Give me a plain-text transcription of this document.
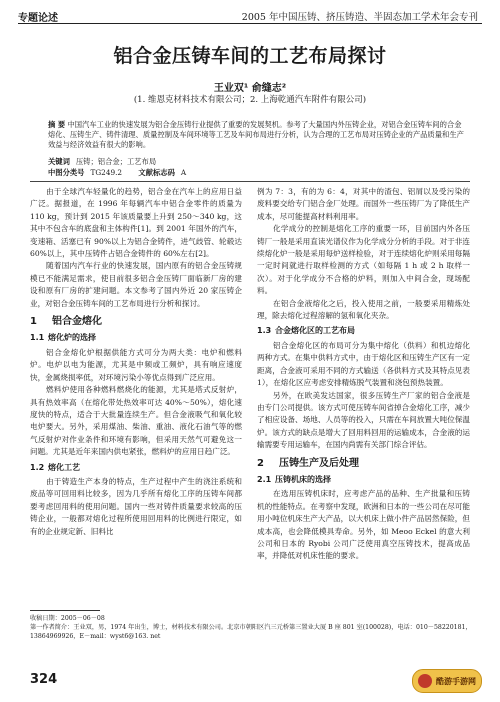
专题论述	2005 年中国压铸、挤压铸造、半固态加工学术年会专刊
铝合金压铸车间的工艺布局探讨
王业双¹ 俞缝志²
(1. 维恩克材料技术有限公司；2. 上海乾通汽车附件有限公司)
摘 要 中国汽车工业的快速发展为铝合金压铸行业提供了重要的发展契机。参考了大量国内外压铸企业，对铝合金压铸车间的合金熔化、压铸生产、铸件清理、质量控制及车间环境等工艺及车间布局进行分析，认为合理的工艺布局对压铸企业的产品质量和生产效益与经济效益有很大的影响。
关键词 压铸；铝合金；工艺布局
中图分类号 TG249.2 文献标志码 A

由于全球汽车轻量化的趋势，铝合金在汽车上的应用日益广泛。据报道，在 1996 年每辆汽车中铝合金零件的质量为 110 kg，预计到 2015 年该质量要上升到 250～340 kg，这其中不包含车的底盘和主体构件[1]。到 2001 年国外的汽车，变速箱、活塞已有 90%以上为铝合金铸件，进气歧管、轮毂达 60%以上，其中压铸件占铝合金铸件的 60%左右[2]。

随着国内汽车行业的快速发展，国内原有的铝合金压铸规模已不能满足需求，使目前很多铝合金压铸厂面临新厂房的建设和原有厂房的扩建问题。本文参考了国内外近 20 家压铸企业，对铝合金压铸车间的工艺布局进行分析和探讨。

1 铝合金熔化
1.1 熔化炉的选择

铝合金熔化炉根据供能方式可分为两大类：电炉和燃料炉。电炉以电为能源，尤其是中频或工频炉，具有响应速度快，金属烧损率低，对环境污染小等优点得到广泛应用。

燃料炉使用各种燃料燃烧化的能源，尤其是塔式反射炉，具有热效率高（在熔化带处热效率可达 40%～50%），熔化速度快的特点，适合于大批量连续生产。但合金液吸气和氧化较电炉要大。另外，采用煤油、柴油、重油、液化石油气等的燃气反射炉对作业条件和环境有影响，但采用天然气可避免这一问题。尤其是近年来国内供电紧张，燃料炉的应用日趋广泛。

1.2 熔化工艺

由于铸造生产本身的特点，生产过程中产生的浇注系统和废品等可回用料比较多，因为几乎所有熔化工序的压铸车间都要考虑回用料的使用问题。国内一些对铸件质量要求较高的压铸企业，一般都对熔化过程所使用回用料的比例进行限定，如有的企业规定新、旧料比

例为 7：3，有的为 6：4，对其中的渣包、铝屑以及受污染的废料要交给专门铝合金厂处理。而国外一些压铸厂为了降低生产成本，尽可能提高材料利用率。

化学成分的控制是熔化工序的重要一环，目前国内外各压铸厂一般是采用直读光谱仪作为化学成分分析的手段。对于非连续熔化炉一般是采用每炉送样检验，对于连续熔化炉则采用每隔一定时间就进行取样检测的方式（如每隔 1 h 或 2 h 取样一次）。对于化学成分不合格的炉料，则加入中间合金，现场配料。

在铝合金液熔化之后，投入使用之前，一般要采用精炼处理，除去熔化过程溶解的氢和氧化夹杂。

1.3 合金熔化区的工艺布局

铝合金熔化区的布局可分为集中熔化（供料）和机边熔化两种方式。在集中供料方式中，由于熔化区和压铸生产区有一定距离，合金液可采用不同的方式输送（各供料方式及其特点见表 1），在熔化区应考虑安排精炼脱气装置和浇包预热装置。

另外，在欧美发达国家，很多压铸生产厂家的铝合金液是由专门公司提供。该方式可使压铸车间省掉合金熔化工序，减少了相应设备、场地、人员等的投入，只需在车间放置大吨位保温炉。该方式的缺点是增大了回用料回用的运输成本，合金液的运输需要专用运输车，在国内尚需有关部门综合评估。

2 压铸生产及后处理
2.1 压铸机床的选择

在选用压铸机床时，应考虑产品的品种、生产批量和压铸机的性能特点。在考察中发现，欧洲和日本的一些公司在尽可能用小吨位机床生产大产品，以大机床上做小件产品居然保险，但成本高，也会降低模具寿命。另外，如 Meoo Eckel 的意大利公司和日本的 Ryobi 公司广泛使用真空压铸技术，提高成品率，并降低对机床性能的要求。

收稿日期：2005－06－08
第一作者简介：王业双，男，1974 年出生，博士，材料技术有限公司。北京市朝阳区汽三元桥第三置业大厦 B 座 801 室(100028)，电话：010－58220181，13864969926，E－mail：wyst6@163. net
324	酷游手游网
